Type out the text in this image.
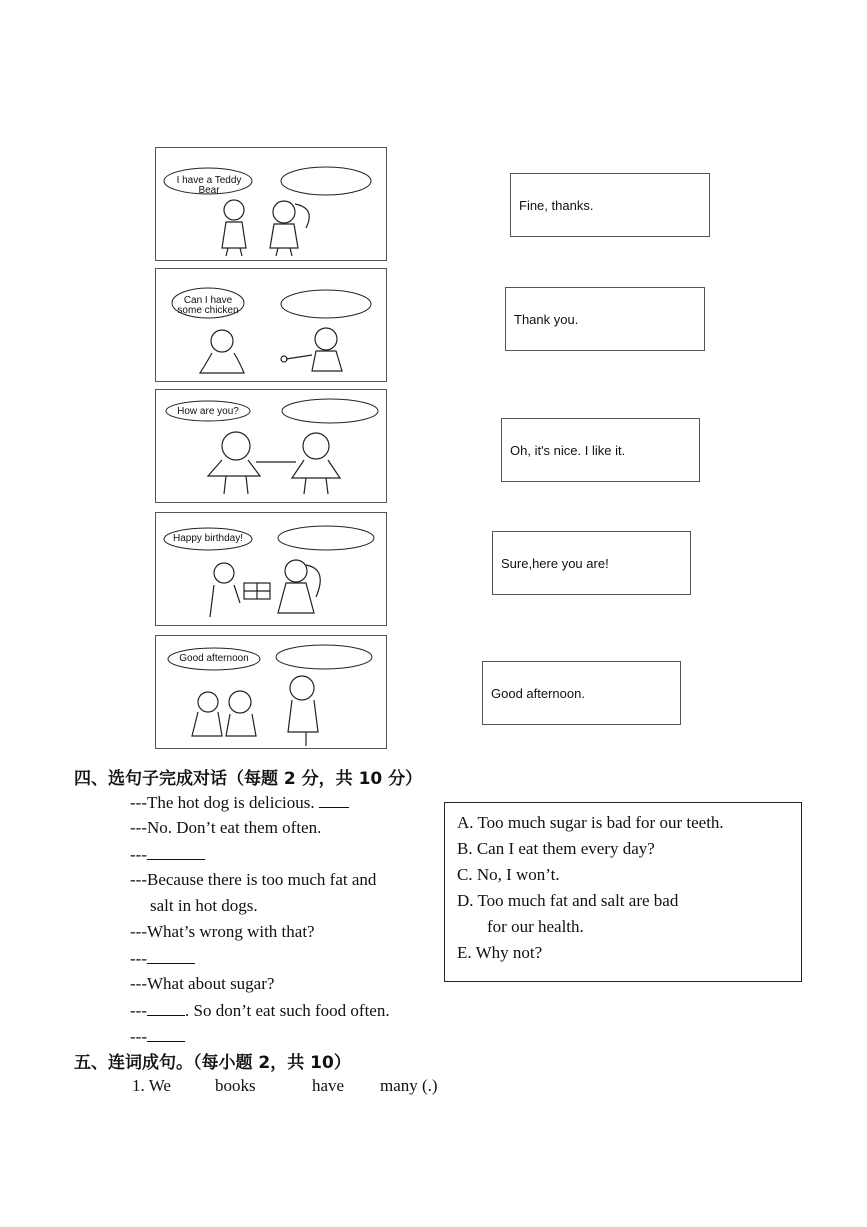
I have a Teddy Bear
Can I have
some chicken
How are you?
Happy birthday!
Good afternoon
Fine, thanks.
Thank you.
Oh, it's nice. I like it.
Sure,here you are!
Good afternoon.
四、选句子完成对话（每题 2 分，共 10 分）
---The hot dog is delicious.
---No. Don’t eat them often.
---
---Because there is too much fat and
salt in hot dogs.
---What’s wrong with that?
---
---What about sugar?
--- . So don’t eat such food often.
---
A. Too much sugar is bad for our teeth.
B. Can I eat them every day?
C. No, I won’t.
D. Too much fat and salt are bad
for our health.
E. Why not?
五、连词成句。（每小题 2，共 10）
1. We	books	have many (.)
